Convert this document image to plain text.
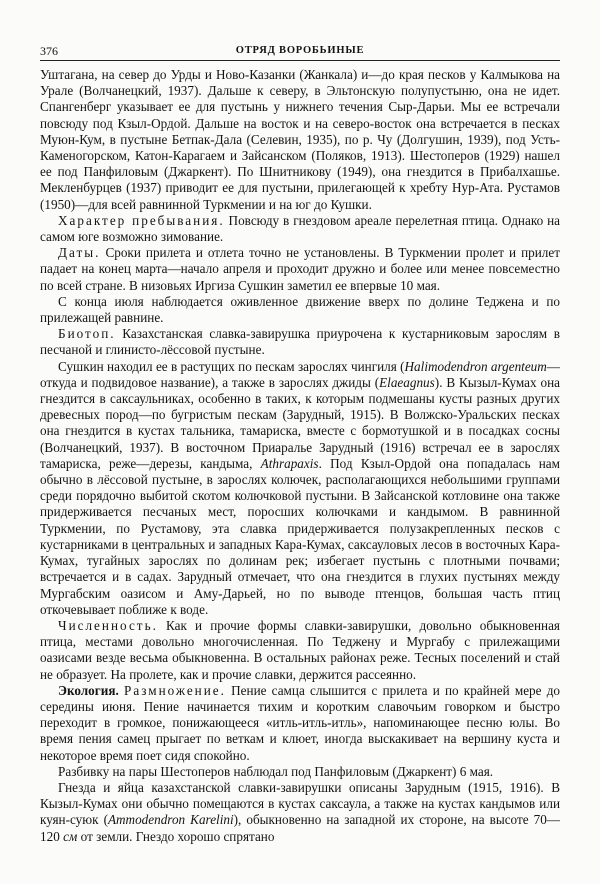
376	ОТРЯД ВОРОБЬИНЫЕ

Уштагана, на север до Урды и Ново-Казанки (Жанкала) и—до края песков у Калмыкова на Урале (Волчанецкий, 1937). Дальше к северу, в Эльтонскую полупустыню, она не идет. Спангенберг указывает ее для пустынь у нижнего течения Сыр-Дарьи. Мы ее встречали повсюду под Кзыл-Ордой. Дальше на восток и на северо-восток она встречается в песках Муюн-Кум, в пустыне Бетпак-Дала (Селевин, 1935), по р. Чу (Долгушин, 1939), под Усть-Каменогорском, Катон-Карагаем и Зайсанском (Поляков, 1913). Шестоперов (1929) нашел ее под Панфиловым (Джаркент). По Шнитникову (1949), она гнездится в Прибалхашье. Мекленбурцев (1937) приводит ее для пустыни, прилегающей к хребту Нур-Ата. Рустамов (1950)—для всей равнинной Туркмении и на юг до Кушки.

Характер пребывания. Повсюду в гнездовом ареале перелетная птица. Однако на самом юге возможно зимование.

Даты. Сроки прилета и отлета точно не установлены. В Туркмении пролет и прилет падает на конец марта—начало апреля и проходит дружно и более или менее повсеместно по всей стране. В низовьях Иргиза Сушкин заметил ее впервые 10 мая.

С конца июля наблюдается оживленное движение вверх по долине Теджена и по прилежащей равнине.

Биотоп. Казахстанская славка-завирушка приурочена к кустарниковым зарослям в песчаной и глинисто-лёссовой пустыне.

Сушкин находил ее в растущих по пескам зарослях чингиля (Halimodendron argenteum—откуда и подвидовое название), а также в зарослях джиды (Elaeagnus). В Кызыл-Кумах она гнездится в саксаульниках, особенно в таких, к которым подмешаны кусты разных других древесных пород—по бугристым пескам (Зарудный, 1915). В Волжско-Уральских песках она гнездится в кустах тальника, тамариска, вместе с бормотушкой и в посадках сосны (Волчанецкий, 1937). В восточном Приаралье Зарудный (1916) встречал ее в зарослях тамариска, реже—дерезы, кандыма, Athrapaxis. Под Кзыл-Ордой она попадалась нам обычно в лёссовой пустыне, в зарослях колючек, располагающихся небольшими группами среди порядочно выбитой скотом колючковой пустыни. В Зайсанской котловине она также придерживается песчаных мест, поросших колючками и кандымом. В равнинной Туркмении, по Рустамову, эта славка придерживается полузакрепленных песков с кустарниками в центральных и западных Кара-Кумах, саксауловых лесов в восточных Кара-Кумах, тугайных зарослях по долинам рек; избегает пустынь с плотными почвами; встречается и в садах. Зарудный отмечает, что она гнездится в глухих пустынях между Мургабским оазисом и Аму-Дарьей, но по выводе птенцов, большая часть птиц откочевывает поближе к воде.

Численность. Как и прочие формы славки-завирушки, довольно обыкновенная птица, местами довольно многочисленная. По Теджену и Мургабу с прилежащими оазисами везде весьма обыкновенна. В остальных районах реже. Тесных поселений и стай не образует. На пролете, как и прочие славки, держится рассеянно.

Экология. Размножение. Пение самца слышится с прилета и по крайней мере до середины июня. Пение начинается тихим и коротким славочьим говорком и быстро переходит в громкое, понижающееся «итль-итль-итль», напоминающее песню юлы. Во время пения самец прыгает по веткам и клюет, иногда выскакивает на вершину куста и некоторое время поет сидя спокойно.

Разбивку на пары Шестоперов наблюдал под Панфиловым (Джаркент) 6 мая.

Гнезда и яйца казахстанской славки-завирушки описаны Зарудным (1915, 1916). В Кызыл-Кумах они обычно помещаются в кустах саксаула, а также на кустах кандымов или куян-суюк (Ammodendron Karelini), обыкновенно на западной их стороне, на высоте 70—120 см от земли. Гнездо хорошо спрятано
